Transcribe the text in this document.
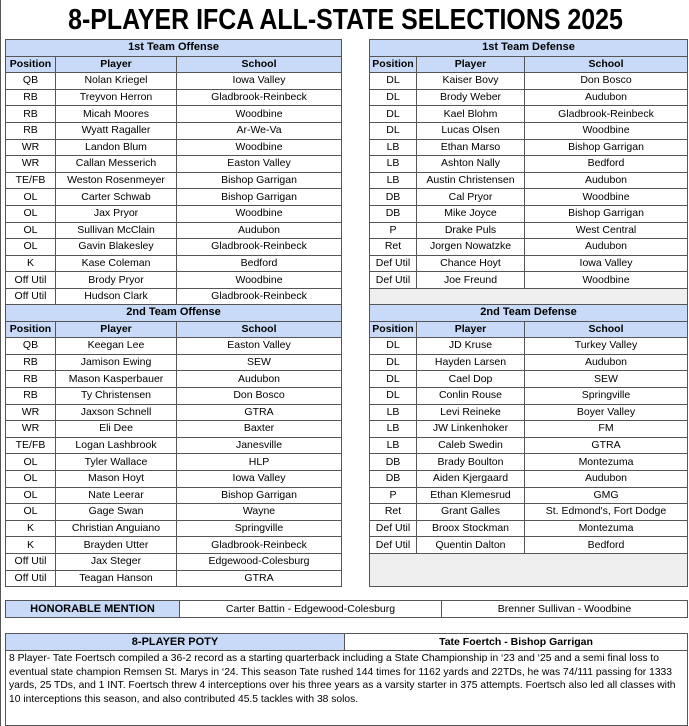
8-PLAYER IFCA ALL-STATE SELECTIONS 2025
1st Team Offense		
Position	Player	School
QB	Nolan Kriegel	Iowa Valley
RB	Treyvon Herron	Gladbrook-Reinbeck
RB	Micah Moores	Woodbine
RB	Wyatt Ragaller	Ar-We-Va
WR	Landon Blum	Woodbine
WR	Callan Messerich	Easton Valley
TE/FB	Weston Rosenmeyer	Bishop Garrigan
OL	Carter Schwab	Bishop Garrigan
OL	Jax Pryor	Woodbine
OL	Sullivan McClain	Audubon
OL	Gavin Blakesley	Gladbrook-Reinbeck
K	Kase Coleman	Bedford
Off Util	Brody Pryor	Woodbine
Off Util	Hudson Clark	Gladbrook-Reinbeck
1st Team Defense		
Position	Player	School
DL	Kaiser Bovy	Don Bosco
DL	Brody Weber	Audubon
DL	Kael Blohm	Gladbrook-Reinbeck
DL	Lucas Olsen	Woodbine
LB	Ethan Marso	Bishop Garrigan
LB	Ashton Nally	Bedford
LB	Austin Christensen	Audubon
DB	Cal Pryor	Woodbine
DB	Mike Joyce	Bishop Garrigan
P	Drake Puls	West Central
Ret	Jorgen Nowatzke	Audubon
Def Util	Chance Hoyt	Iowa Valley
Def Util	Joe Freund	Woodbine

2nd Team Offense		
Position	Player	School
QB	Keegan Lee	Easton Valley
RB	Jamison Ewing	SEW
RB	Mason Kasperbauer	Audubon
RB	Ty Christensen	Don Bosco
WR	Jaxson Schnell	GTRA
WR	Eli Dee	Baxter
TE/FB	Logan Lashbrook	Janesville
OL	Tyler Wallace	HLP
OL	Mason Hoyt	Iowa Valley
OL	Nate Leerar	Bishop Garrigan
OL	Gage Swan	Wayne
K	Christian Anguiano	Springville
K	Brayden Utter	Gladbrook-Reinbeck
Off Util	Jax Steger	Edgewood-Colesburg
Off Util	Teagan Hanson	GTRA
2nd Team Defense		
Position	Player	School
DL	JD Kruse	Turkey Valley
DL	Hayden Larsen	Audubon
DL	Cael Dop	SEW
DL	Conlin Rouse	Springville
LB	Levi Reineke	Boyer Valley
LB	JW Linkenhoker	FM
LB	Caleb Swedin	GTRA
DB	Brady Boulton	Montezuma
DB	Aiden Kjergaard	Audubon
P	Ethan Klemesrud	GMG
Ret	Grant Galles	St. Edmond's, Fort Dodge
Def Util	Broox Stockman	Montezuma
Def Util	Quentin Dalton	Bedford

HONORABLE MENTION	Carter Battin - Edgewood-Colesburg	Brenner Sullivan - Woodbine
8-PLAYER POTY	Tate Foertch - Bishop Garrigan
8 Player- Tate Foertsch compiled a 36-2 record as a starting quarterback including a State Championship in ‘23 and ‘25 and a semi final loss to eventual state champion Remsen St. Marys in ‘24. This season Tate rushed 144 times for 1162 yards and 22TDs, he was 74/111 passing for 1333 yards, 25 TDs, and 1 INT. Foertsch threw 4 interceptions over his three years as a varsity starter in 375 attempts. Foertsch also led all classes with 10 interceptions this season, and also contributed 45.5 tackles with 38 solos.
